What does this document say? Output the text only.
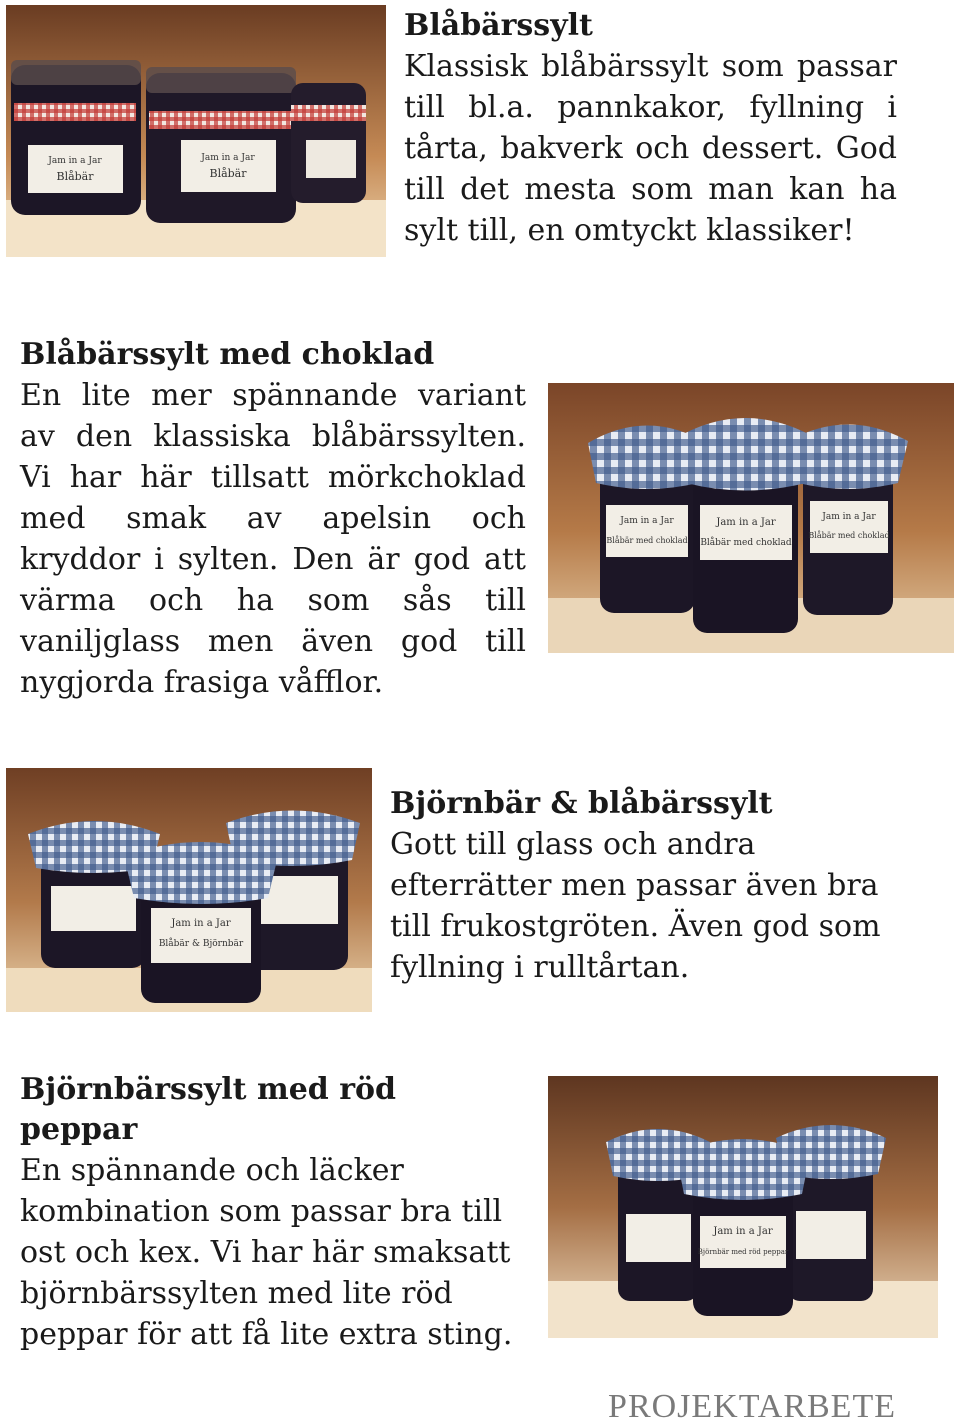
Jam in a Jar
Blåbär
Jam in a Jar
Blåbär
Blåbärssylt

Klassisk blåbärssylt som passar till bl.a. pannkakor, fyllning i tårta, bakverk och dessert. God till det mesta som man kan ha sylt till, en omtyckt klassiker!

Blåbärssylt med choklad

En lite mer spännande variant av den klassiska blåbärssylten. Vi har här tillsatt mörkchoklad med smak av apelsin och kryddor i sylten. Den är god att värma och ha som sås till vaniljglass men även god till nygjorda frasiga våfflor.

Jam in a Jar
Blåbär med choklad
Jam in a Jar
Blåbär med choklad
Jam in a Jar
Blåbär med choklad
Jam in a Jar
Blåbär & Björnbär
Björnbär & blåbärssylt

Gott till glass och andra efterrätter men passar även bra till frukostgröten. Även god som fyllning i rulltårtan.

Björnbärssylt med röd peppar

En spännande och läcker kombination som passar bra till ost och kex. Vi har här smaksatt björnbärssylten med lite röd peppar för att få lite extra sting.

Jam in a Jar
Björnbär med röd peppar
PROJEKTARBETE
